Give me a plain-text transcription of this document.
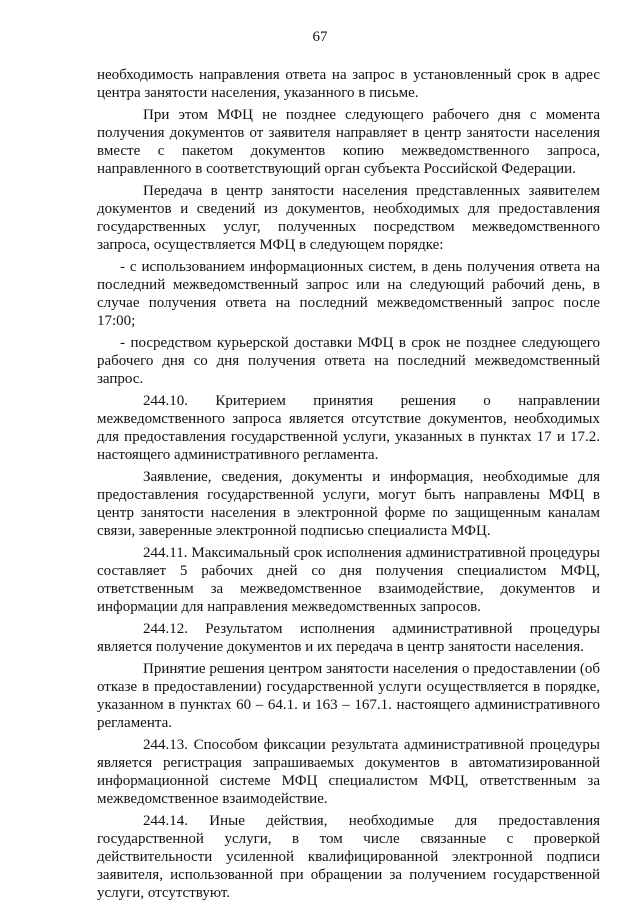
67

необходимость направления ответа на запрос в установленный срок в адрес центра занятости населения, указанного в письме.

При этом МФЦ не позднее следующего рабочего дня с момента получения документов от заявителя направляет в центр занятости населения вместе с пакетом документов копию межведомственного запроса, направленного в соответствующий орган субъекта Российской Федерации.

Передача в центр занятости населения представленных заявителем документов и сведений из документов, необходимых для предоставления государственных услуг, полученных посредством межведомственного запроса, осуществляется МФЦ в следующем порядке:

- с использованием информационных систем, в день получения ответа на последний межведомственный запрос или на следующий рабочий день, в случае получения ответа на последний межведомственный запрос после 17:00;

- посредством курьерской доставки МФЦ в срок не позднее следующего рабочего дня со дня получения ответа на последний межведомственный запрос.

244.10. Критерием принятия решения о направлении межведомственного запроса является отсутствие документов, необходимых для предоставления государственной услуги, указанных в пунктах 17 и 17.2. настоящего административного регламента.

Заявление, сведения, документы и информация, необходимые для предоставления государственной услуги, могут быть направлены МФЦ в центр занятости населения в электронной форме по защищенным каналам связи, заверенные электронной подписью специалиста МФЦ.

244.11. Максимальный срок исполнения административной процедуры составляет 5 рабочих дней со дня получения специалистом МФЦ, ответственным за межведомственное взаимодействие, документов и информации для направления межведомственных запросов.

244.12. Результатом исполнения административной процедуры является получение документов и их передача в центр занятости населения.

Принятие решения центром занятости населения о предоставлении (об отказе в предоставлении) государственной услуги осуществляется в порядке, указанном в пунктах 60 – 64.1. и 163 – 167.1. настоящего административного регламента.

244.13. Способом фиксации результата административной процедуры является регистрация запрашиваемых документов в автоматизированной информационной системе МФЦ специалистом МФЦ, ответственным за межведомственное взаимодействие.

244.14. Иные действия, необходимые для предоставления государственной услуги, в том числе связанные с проверкой действительности усиленной квалифицированной электронной подписи заявителя, использованной при обращении за получением государственной услуги, отсутствуют.
